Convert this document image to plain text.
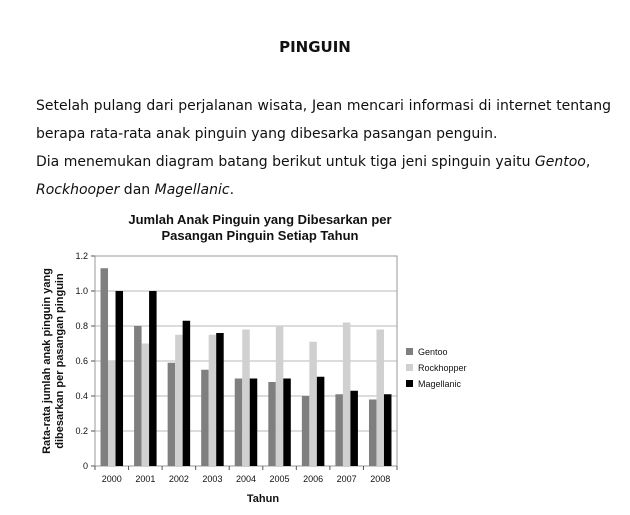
PINGUIN
Setelah pulang dari perjalanan wisata, Jean mencari informasi di internet tentang berapa rata-rata anak pinguin yang dibesarka pasangan penguin.
Dia menemukan diagram batang berikut untuk tiga jeni spinguin yaitu Gentoo,
Rockhooper dan Magellanic.
Jumlah Anak Pinguin yang Dibesarkan per
Pasangan Pinguin Setiap Tahun
0
0.2
0.4
0.6
0.8
1.0
1.2
2000 2001 2002 2003 2004 2005 2006 2007 2008
Gentoo
Rockhopper
Magellanic
Tahun
Rata-rata jumlah anak pinguin yang dibesarkan per pasangan pinguin
